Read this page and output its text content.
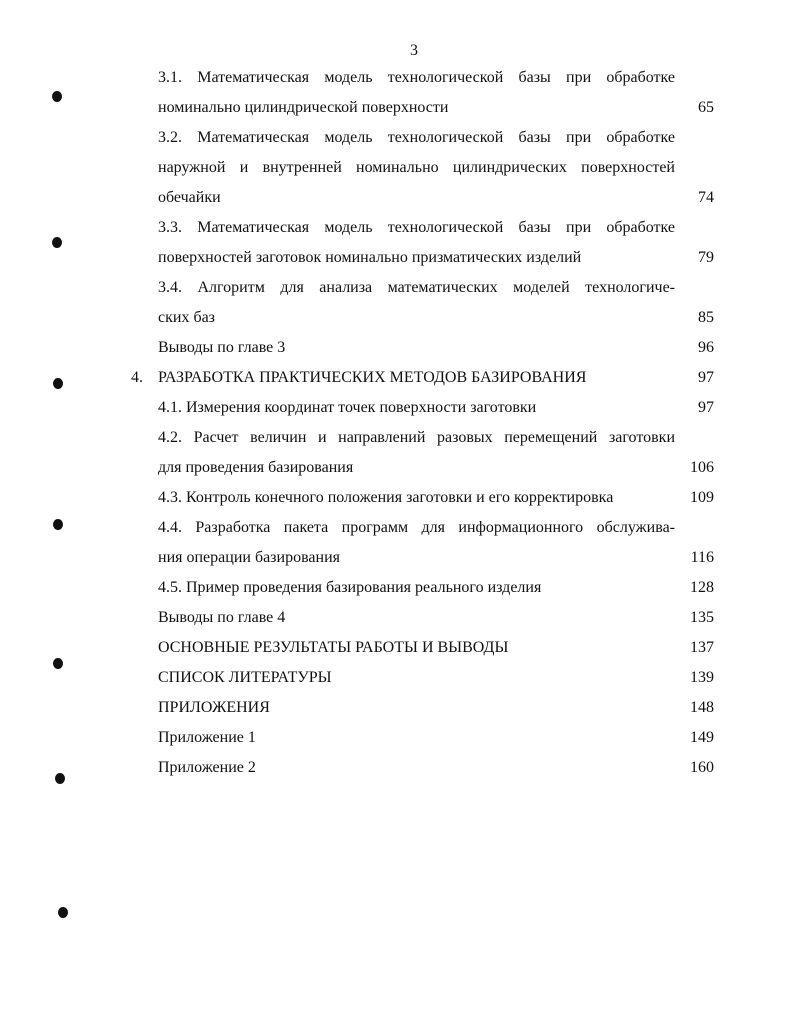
3
3.1. Математическая модель технологической базы при обработке
номинально цилиндрической поверхности	65
3.2. Математическая модель технологической базы при обработке
наружной и внутренней номинально цилиндрических поверхностей
обечайки	74
3.3. Математическая модель технологической базы при обработке
поверхностей заготовок номинально призматических изделий	79
3.4. Алгоритм для анализа математических моделей технологиче-
ских баз	85
Выводы по главе 3	96
4. РАЗРАБОТКА ПРАКТИЧЕСКИХ МЕТОДОВ БАЗИРОВАНИЯ	97
4.1. Измерения координат точек поверхности заготовки	97
4.2. Расчет величин и направлений разовых перемещений заготовки
для проведения базирования	106
4.3. Контроль конечного положения заготовки и его корректировка	109
4.4. Разработка пакета программ для информационного обслужива-
ния операции базирования	116
4.5. Пример проведения базирования реального изделия	128
Выводы по главе 4	135
ОСНОВНЫЕ РЕЗУЛЬТАТЫ РАБОТЫ И ВЫВОДЫ	137
СПИСОК ЛИТЕРАТУРЫ	139
ПРИЛОЖЕНИЯ	148
Приложение 1	149
Приложение 2	160
